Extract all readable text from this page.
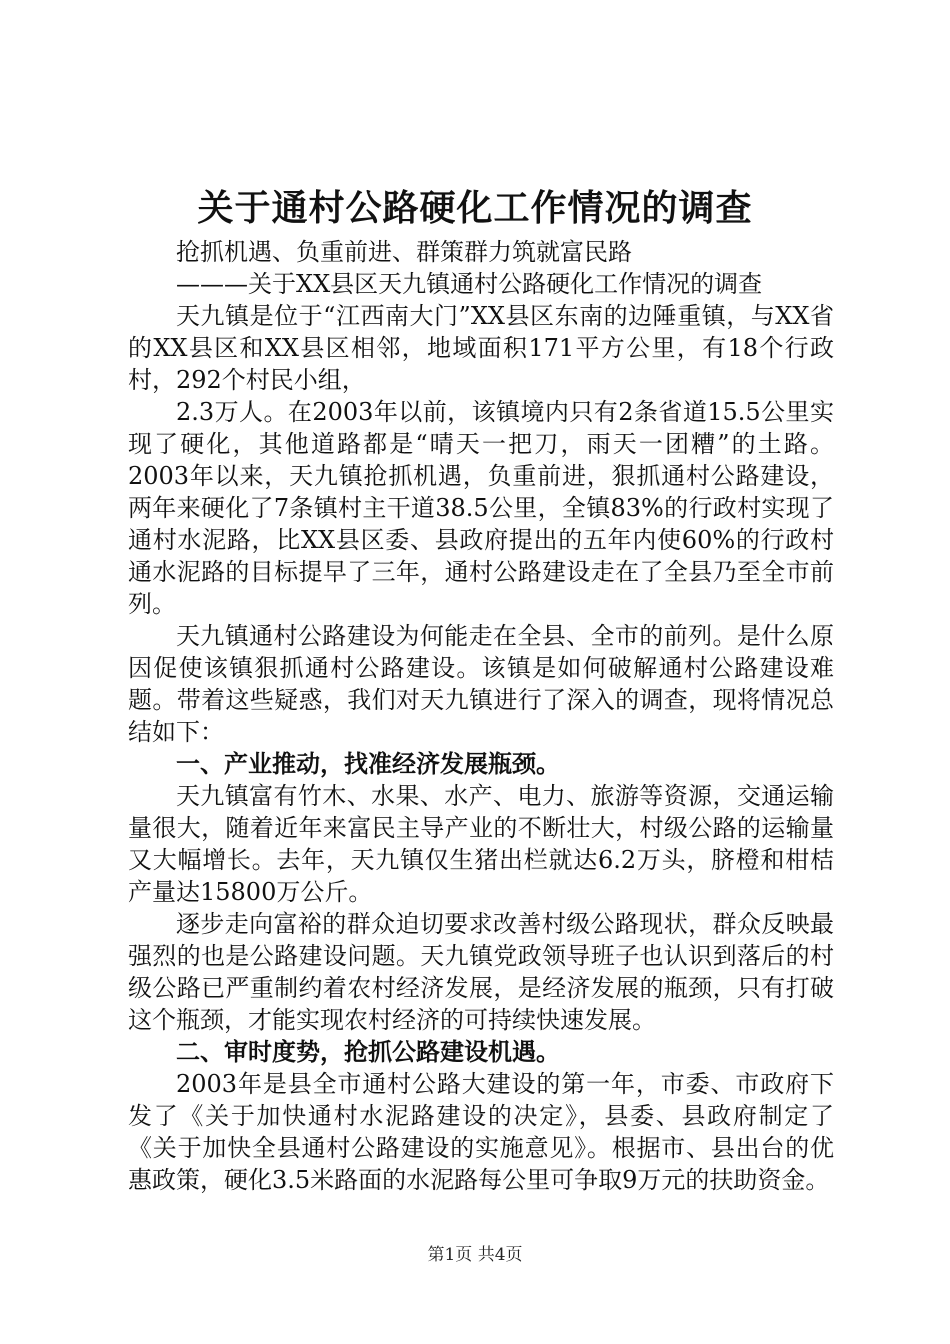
关于通村公路硬化工作情况的调查

抢抓机遇、负重前进、群策群力筑就富民路

———关于XX县区天九镇通村公路硬化工作情况的调查

天九镇是位于“江西南大门”XX县区东南的边陲重镇，与XX省的XX县区和XX县区相邻，地域面积171平方公里，有18个行政村，292个村民小组，

2.3万人。在2003年以前，该镇境内只有2条省道15.5公里实现了硬化，其他道路都是“晴天一把刀，雨天一团糟”的土路。2003年以来，天九镇抢抓机遇，负重前进，狠抓通村公路建设，两年来硬化了7条镇村主干道38.5公里，全镇83%的行政村实现了通村水泥路，比XX县区委、县政府提出的五年内使60%的行政村通水泥路的目标提早了三年，通村公路建设走在了全县乃至全市前列。

天九镇通村公路建设为何能走在全县、全市的前列。是什么原因促使该镇狠抓通村公路建设。该镇是如何破解通村公路建设难题。带着这些疑惑，我们对天九镇进行了深入的调查，现将情况总结如下：

一、产业推动，找准经济发展瓶颈。

天九镇富有竹木、水果、水产、电力、旅游等资源，交通运输量很大，随着近年来富民主导产业的不断壮大，村级公路的运输量又大幅增长。去年，天九镇仅生猪出栏就达6.2万头，脐橙和柑桔产量达15800万公斤。

逐步走向富裕的群众迫切要求改善村级公路现状，群众反映最强烈的也是公路建设问题。天九镇党政领导班子也认识到落后的村级公路已严重制约着农村经济发展，是经济发展的瓶颈，只有打破这个瓶颈，才能实现农村经济的可持续快速发展。

二、审时度势，抢抓公路建设机遇。

2003年是县全市通村公路大建设的第一年，市委、市政府下发了《关于加快通村水泥路建设的决定》，县委、县政府制定了《关于加快全县通村公路建设的实施意见》。根据市、县出台的优惠政策，硬化3.5米路面的水泥路每公里可争取9万元的扶助资金。

第1页 共4页
